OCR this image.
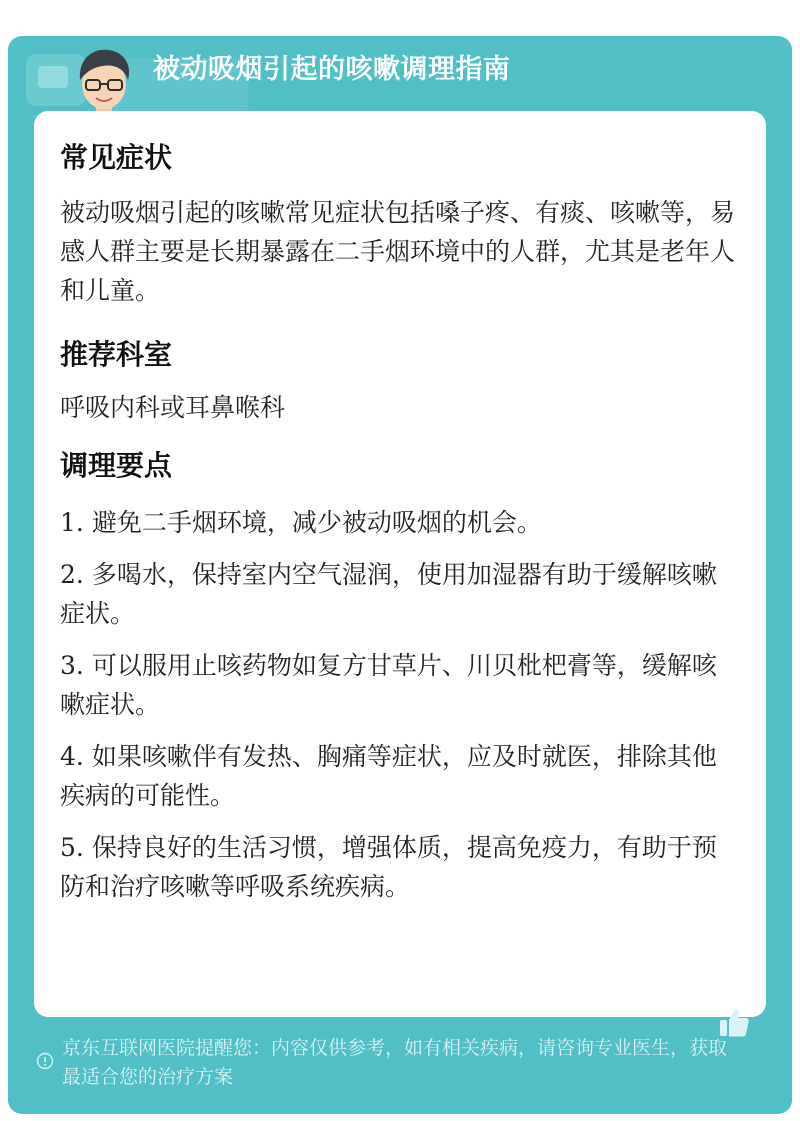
被动吸烟引起的咳嗽调理指南
常见症状

被动吸烟引起的咳嗽常见症状包括嗓子疼、有痰、咳嗽等，易感人群主要是长期暴露在二手烟环境中的人群，尤其是老年人和儿童。

推荐科室

呼吸内科或耳鼻喉科

调理要点
1. 避免二手烟环境，减少被动吸烟的机会。
2. 多喝水，保持室内空气湿润，使用加湿器有助于缓解咳嗽症状。
3. 可以服用止咳药物如复方甘草片、川贝枇杷膏等，缓解咳嗽症状。
4. 如果咳嗽伴有发热、胸痛等症状，应及时就医，排除其他疾病的可能性。
5. 保持良好的生活习惯，增强体质，提高免疫力，有助于预防和治疗咳嗽等呼吸系统疾病。

京东互联网医院提醒您：内容仅供参考，如有相关疾病，请咨询专业医生，获取最适合您的治疗方案
